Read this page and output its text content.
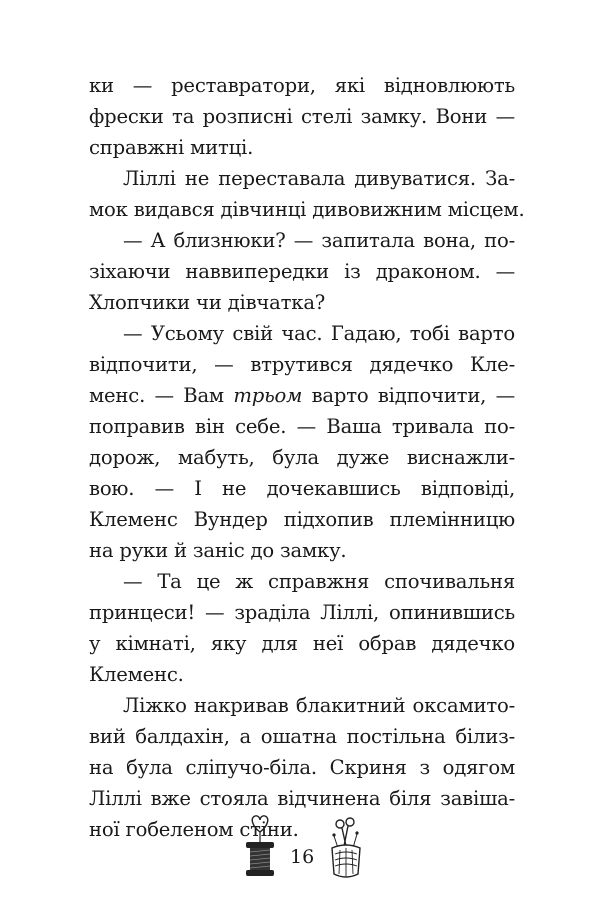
ки — реставратори, які відновлюють
фрески та розписні стелі замку. Вони —
справжні митці.
Ліллі не переставала дивуватися. За-
мок видався дівчинці дивовижним місцем.
— А близнюки? — запитала вона, по-
зіхаючи наввипередки із драконом. —
Хлопчики чи дівчатка?
— Усьому свій час. Гадаю, тобі варто
відпочити, — втрутився дядечко Кле-
менс. — Вам трьом варто відпочити, —
поправив він себе. — Ваша тривала по-
дорож, мабуть, була дуже виснажли-
вою. — І не дочекавшись відповіді,
Клеменс Вундер підхопив племінницю
на руки й заніс до замку.
— Та це ж справжня спочивальня
принцеси! — зраділа Ліллі, опинившись
у кімнаті, яку для неї обрав дядечко
Клеменс.
Ліжко накривав блакитний оксамито-
вий балдахін, а ошатна постільна білиз-
на була сліпучо-біла. Скриня з одягом
Ліллі вже стояла відчинена біля завіша-
ної гобеленом стіни.
16
